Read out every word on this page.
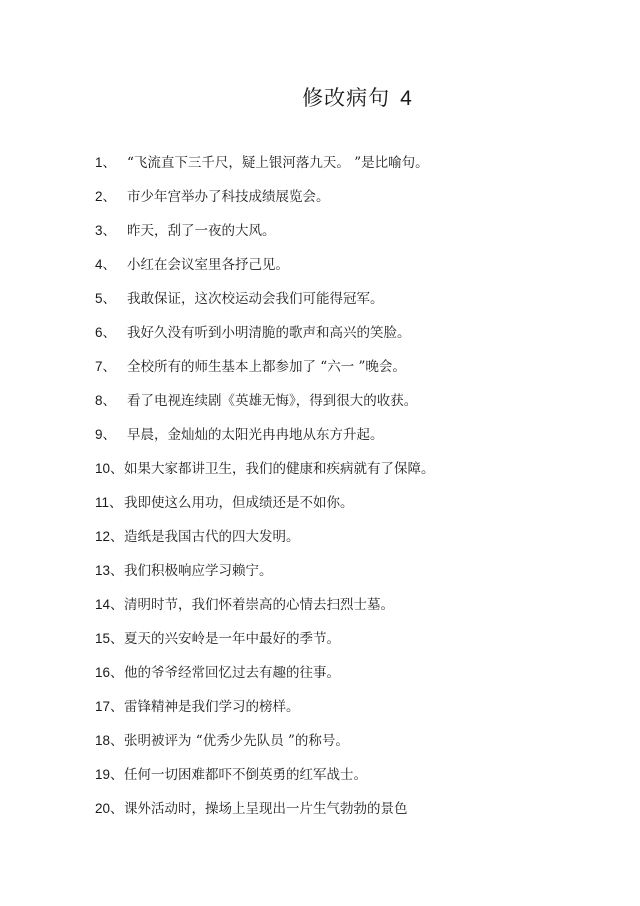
修改病句 4
1、 “飞流直下三千尺，疑上银河落九天。 ”是比喻句。
2、 市少年宫举办了科技成绩展览会。
3、 昨天，刮了一夜的大风。
4、 小红在会议室里各抒己见。
5、 我敢保证，这次校运动会我们可能得冠军。
6、 我好久没有听到小明清脆的歌声和高兴的笑脸。
7、 全校所有的师生基本上都参加了 “六一 ”晚会。
8、 看了电视连续剧《英雄无悔》，得到很大的收获。
9、 早晨，金灿灿的太阳光冉冉地从东方升起。
10、 如果大家都讲卫生，我们的健康和疾病就有了保障。
11、 我即使这么用功，但成绩还是不如你。
12、 造纸是我国古代的四大发明。
13、 我们积极响应学习赖宁。
14、 清明时节，我们怀着崇高的心情去扫烈士墓。
15、 夏天的兴安岭是一年中最好的季节。
16、 他的爷爷经常回忆过去有趣的往事。
17、 雷锋精神是我们学习的榜样。
18、 张明被评为 “优秀少先队员 ”的称号。
19、 任何一切困难都吓不倒英勇的红军战士。
20、 课外活动时，操场上呈现出一片生气勃勃的景色
